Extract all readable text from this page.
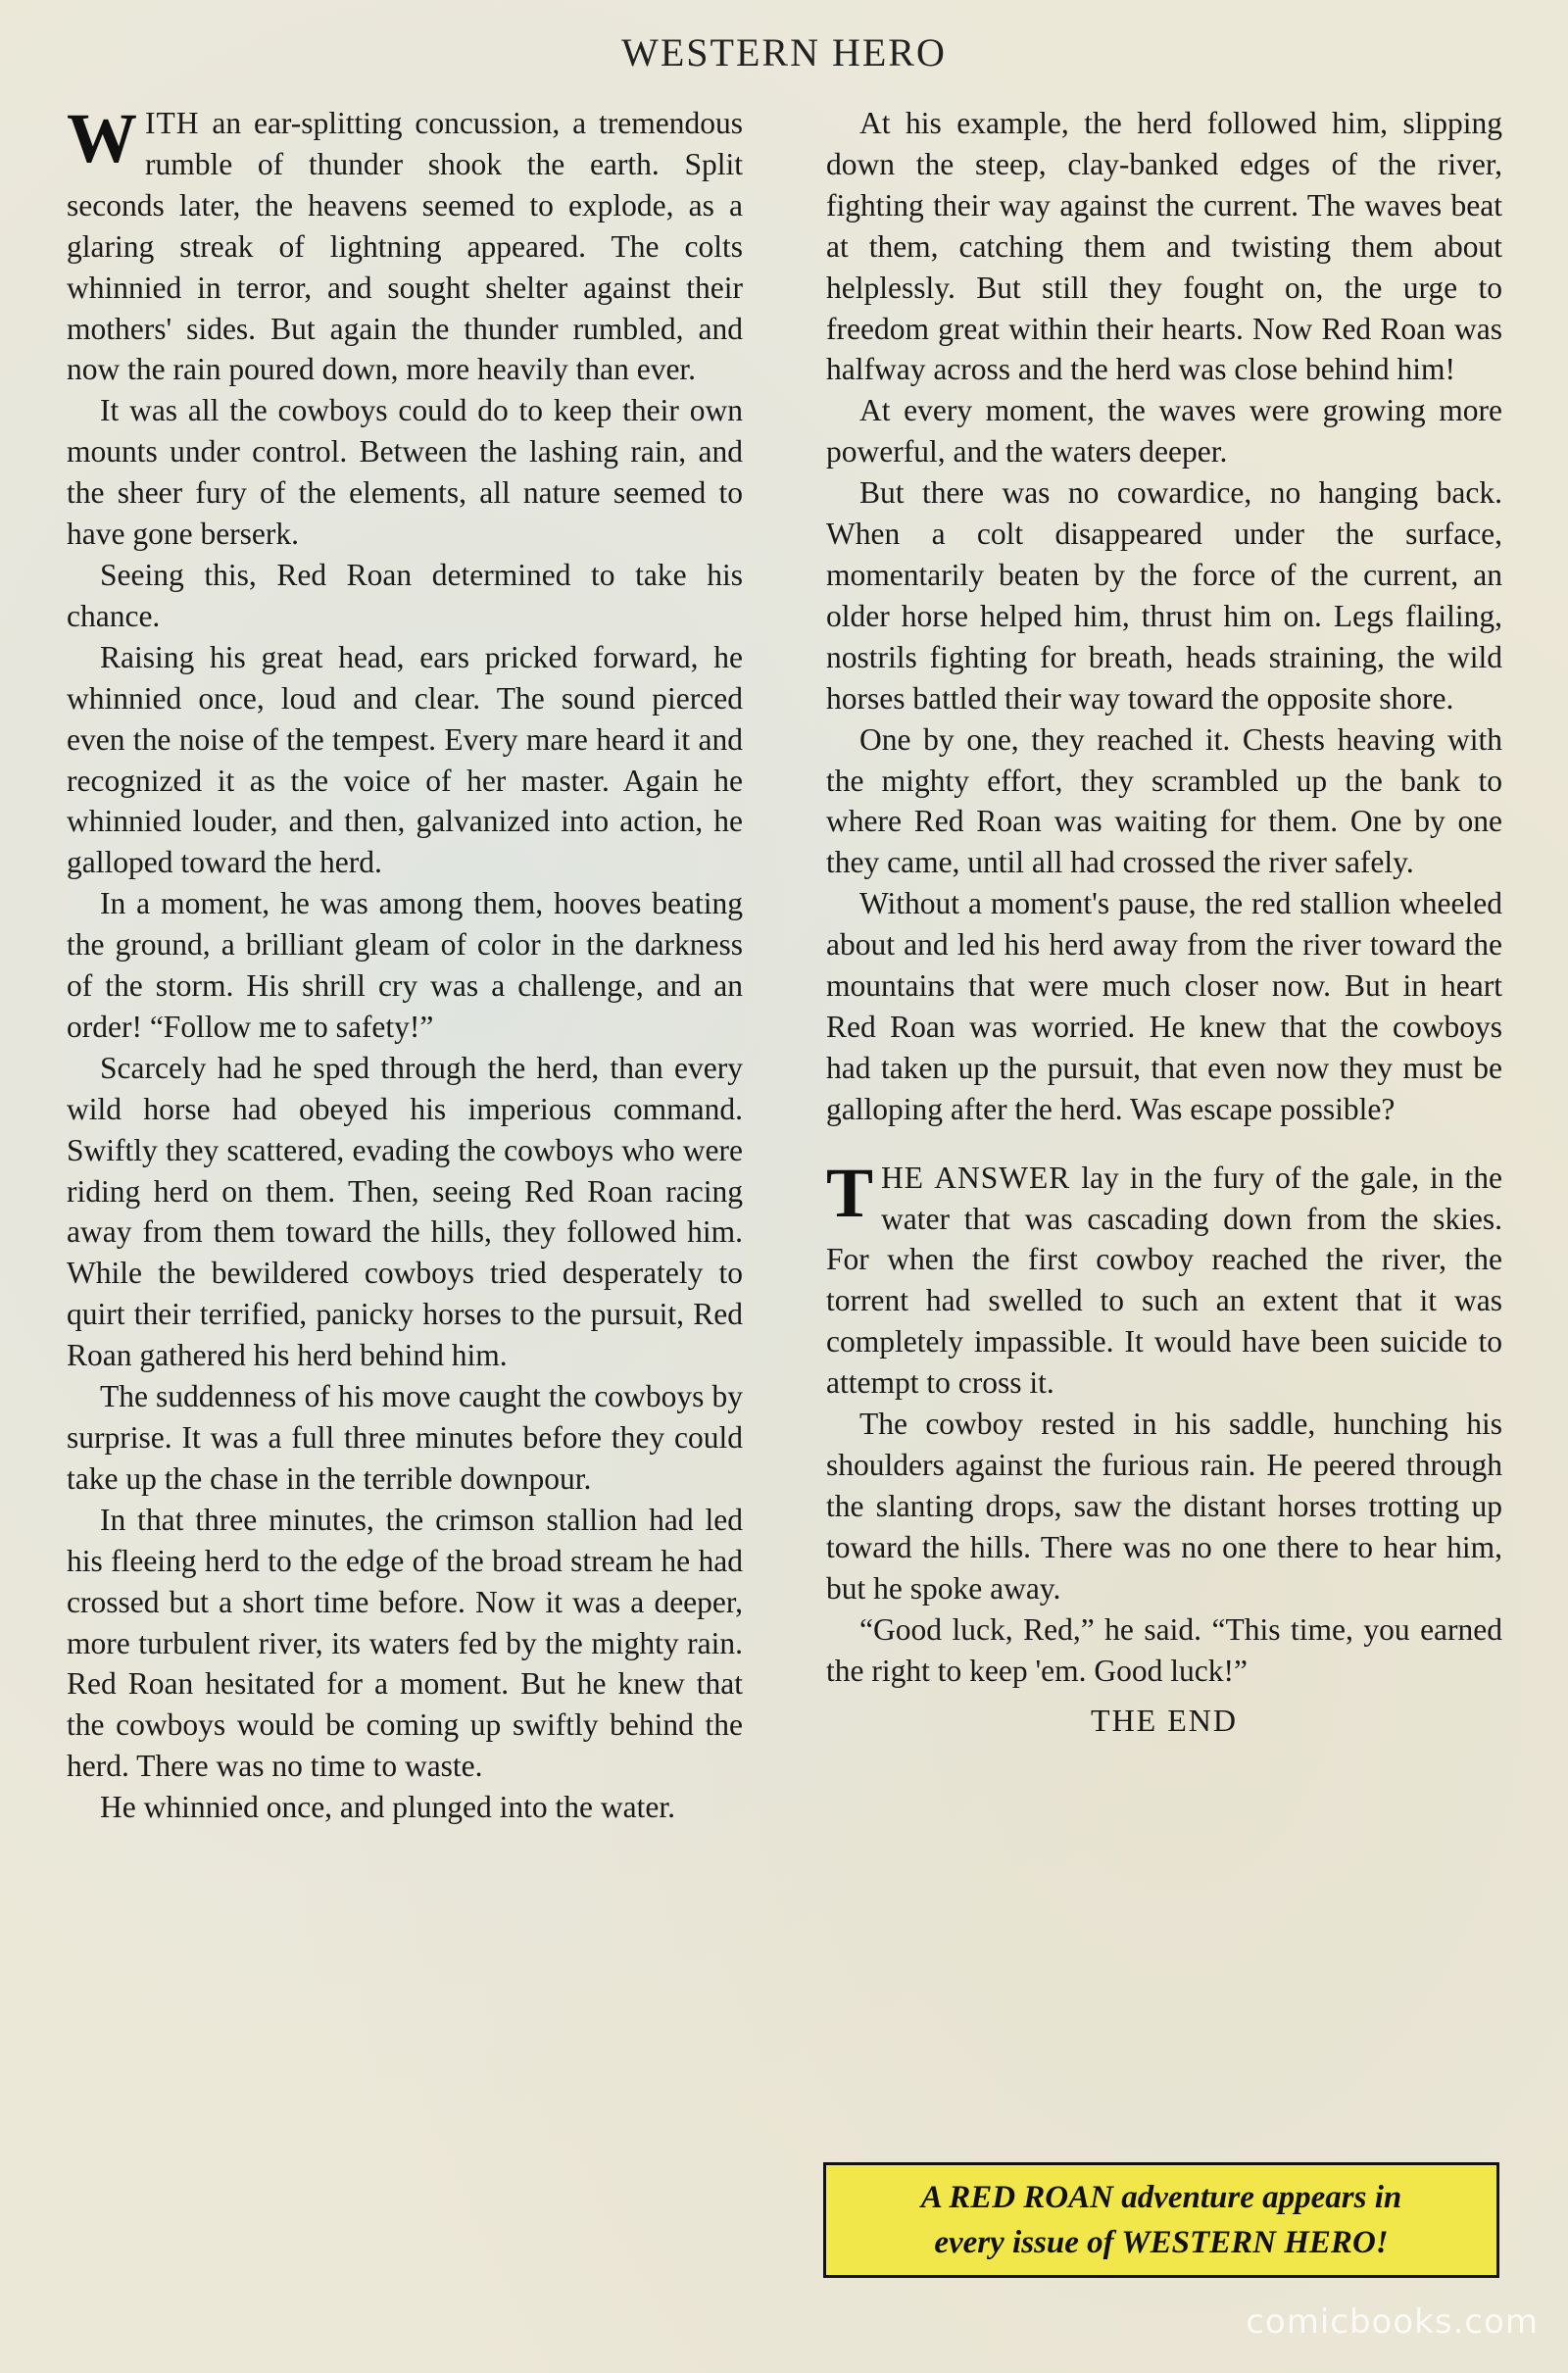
WESTERN HERO

WITH an ear-splitting concussion, a tremendous rumble of thunder shook the earth. Split seconds later, the heavens seemed to explode, as a glaring streak of lightning appeared. The colts whinnied in terror, and sought shelter against their mothers' sides. But again the thunder rumbled, and now the rain poured down, more heavily than ever.

It was all the cowboys could do to keep their own mounts under control. Between the lashing rain, and the sheer fury of the elements, all nature seemed to have gone berserk.

Seeing this, Red Roan determined to take his chance.

Raising his great head, ears pricked forward, he whinnied once, loud and clear. The sound pierced even the noise of the tempest. Every mare heard it and recognized it as the voice of her master. Again he whinnied louder, and then, galvanized into action, he galloped toward the herd.

In a moment, he was among them, hooves beating the ground, a brilliant gleam of color in the darkness of the storm. His shrill cry was a challenge, and an order! “Follow me to safety!”

Scarcely had he sped through the herd, than every wild horse had obeyed his imperious command. Swiftly they scattered, evading the cowboys who were riding herd on them. Then, seeing Red Roan racing away from them toward the hills, they followed him. While the bewildered cowboys tried desperately to quirt their terrified, panicky horses to the pursuit, Red Roan gathered his herd behind him.

The suddenness of his move caught the cowboys by surprise. It was a full three minutes before they could take up the chase in the terrible downpour.

In that three minutes, the crimson stallion had led his fleeing herd to the edge of the broad stream he had crossed but a short time before. Now it was a deeper, more turbulent river, its waters fed by the mighty rain. Red Roan hesitated for a moment. But he knew that the cowboys would be coming up swiftly behind the herd. There was no time to waste.

He whinnied once, and plunged into the water.

At his example, the herd followed him, slipping down the steep, clay-banked edges of the river, fighting their way against the current. The waves beat at them, catching them and twisting them about helplessly. But still they fought on, the urge to freedom great within their hearts. Now Red Roan was halfway across and the herd was close behind him!

At every moment, the waves were growing more powerful, and the waters deeper.

But there was no cowardice, no hanging back. When a colt disappeared under the surface, momentarily beaten by the force of the current, an older horse helped him, thrust him on. Legs flailing, nostrils fighting for breath, heads straining, the wild horses battled their way toward the opposite shore.

One by one, they reached it. Chests heaving with the mighty effort, they scrambled up the bank to where Red Roan was waiting for them. One by one they came, until all had crossed the river safely.

Without a moment's pause, the red stallion wheeled about and led his herd away from the river toward the mountains that were much closer now. But in heart Red Roan was worried. He knew that the cowboys had taken up the pursuit, that even now they must be galloping after the herd. Was escape possible?

THE ANSWER lay in the fury of the gale, in the water that was cascading down from the skies. For when the first cowboy reached the river, the torrent had swelled to such an extent that it was completely impassible. It would have been suicide to attempt to cross it.

The cowboy rested in his saddle, hunching his shoulders against the furious rain. He peered through the slanting drops, saw the distant horses trotting up toward the hills. There was no one there to hear him, but he spoke away.

“Good luck, Red,” he said. “This time, you earned the right to keep 'em. Good luck!”

THE END
A RED ROAN adventure appears in
every issue of WESTERN HERO!
comicbooks.com
